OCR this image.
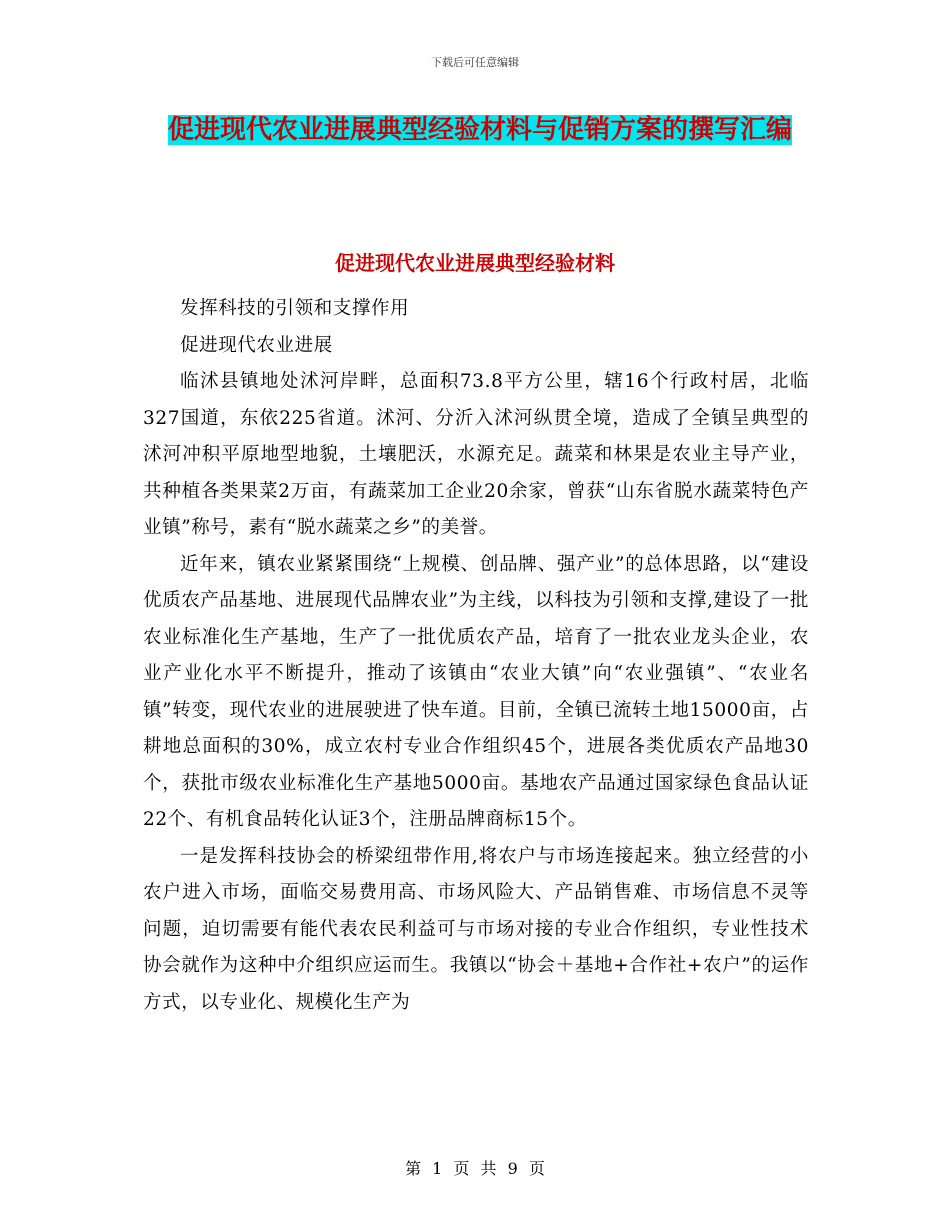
下载后可任意编辑
促进现代农业进展典型经验材料与促销方案的撰写汇编
促进现代农业进展典型经验材料

发挥科技的引领和支撑作用

促进现代农业进展

临沭县镇地处沭河岸畔，总面积73.8平方公里，辖16个行政村居，北临327国道，东依225省道。沭河、分沂入沭河纵贯全境，造成了全镇呈典型的沭河冲积平原地型地貌，土壤肥沃，水源充足。蔬菜和林果是农业主导产业，共种植各类果菜2万亩，有蔬菜加工企业20余家，曾获“山东省脱水蔬菜特色产业镇”称号，素有“脱水蔬菜之乡”的美誉。

近年来，镇农业紧紧围绕“上规模、创品牌、强产业”的总体思路，以“建设优质农产品基地、进展现代品牌农业”为主线，以科技为引领和支撑,建设了一批农业标准化生产基地，生产了一批优质农产品，培育了一批农业龙头企业，农业产业化水平不断提升，推动了该镇由“农业大镇”向“农业强镇”、“农业名镇”转变，现代农业的进展驶进了快车道。目前，全镇已流转土地15000亩，占耕地总面积的30%，成立农村专业合作组织45个，进展各类优质农产品地30个，获批市级农业标准化生产基地5000亩。基地农产品通过国家绿色食品认证22个、有机食品转化认证3个，注册品牌商标15个。

一是发挥科技协会的桥梁纽带作用,将农户与市场连接起来。独立经营的小农户进入市场，面临交易费用高、市场风险大、产品销售难、市场信息不灵等问题，迫切需要有能代表农民利益可与市场对接的专业合作组织，专业性技术协会就作为这种中介组织应运而生。我镇以“协会＋基地+合作社+农户”的运作方式，以专业化、规模化生产为

第 1 页 共 9 页
